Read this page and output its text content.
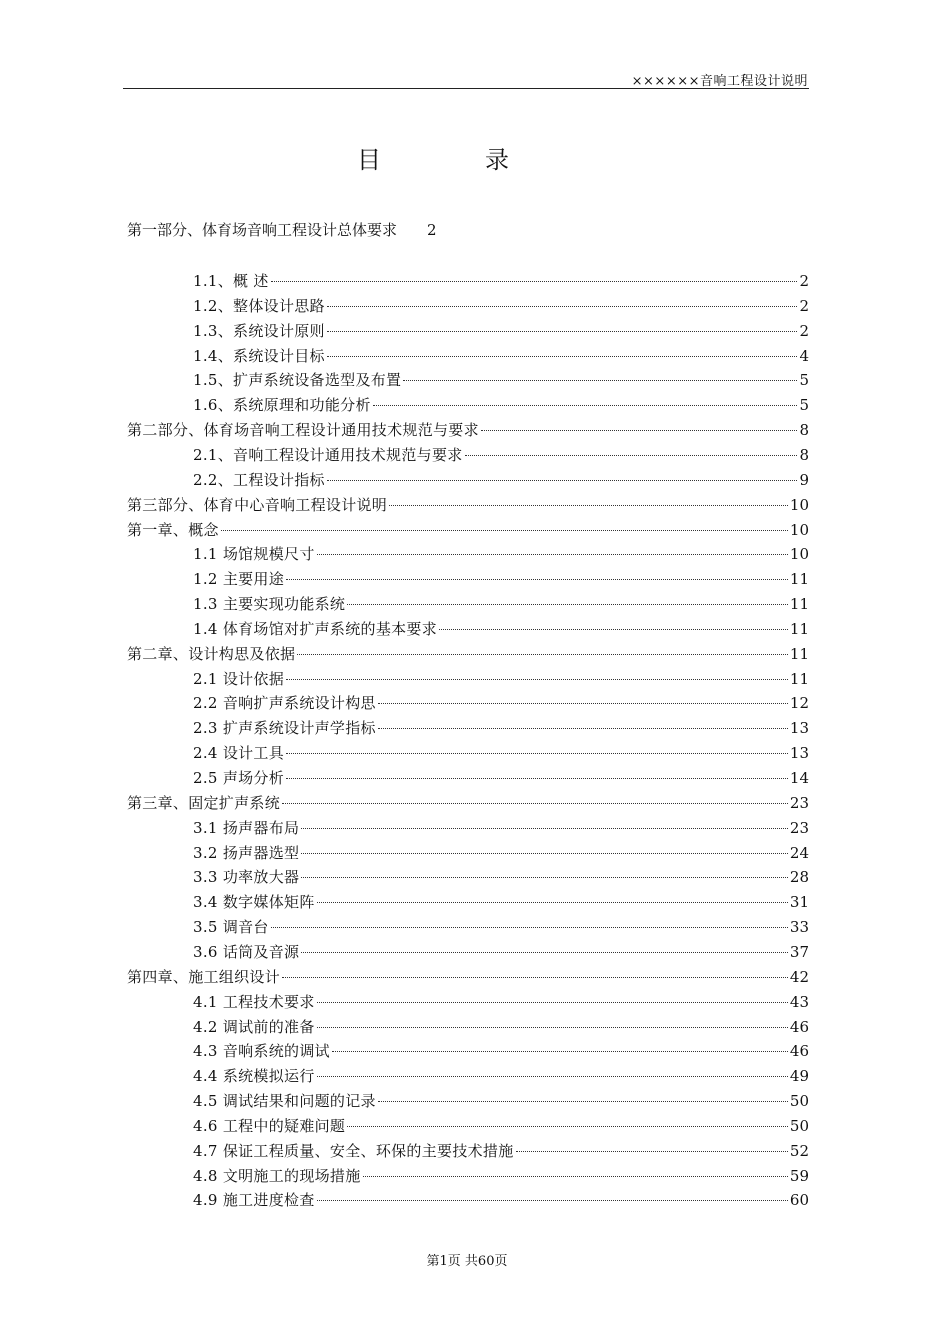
××××××音响工程设计说明
目　录
第一部分、体育场音响工程设计总体要求 2
第1页 共60页
1.1、概 述	2
1.2、整体设计思路	2
1.3、系统设计原则	2
1.4、系统设计目标	4
1.5、扩声系统设备选型及布置	5
1.6、系统原理和功能分析	5
第二部分、体育场音响工程设计通用技术规范与要求	8
2.1、音响工程设计通用技术规范与要求	8
2.2、工程设计指标	9
第三部分、体育中心音响工程设计说明	10
第一章、概念	10
1.1 场馆规模尺寸	10
1.2 主要用途	11
1.3 主要实现功能系统	11
1.4 体育场馆对扩声系统的基本要求	11
第二章、设计构思及依据	11
2.1 设计依据	11
2.2 音响扩声系统设计构思	12
2.3 扩声系统设计声学指标	13
2.4 设计工具	13
2.5 声场分析	14
第三章、固定扩声系统	23
3.1 扬声器布局	23
3.2 扬声器选型	24
3.3 功率放大器	28
3.4 数字媒体矩阵	31
3.5 调音台	33
3.6 话筒及音源	37
第四章、施工组织设计	42
4.1 工程技术要求	43
4.2 调试前的准备	46
4.3 音响系统的调试	46
4.4 系统模拟运行	49
4.5 调试结果和问题的记录	50
4.6 工程中的疑难问题	50
4.7 保证工程质量、安全、环保的主要技术措施	52
4.8 文明施工的现场措施	59
4.9 施工进度检查	60
